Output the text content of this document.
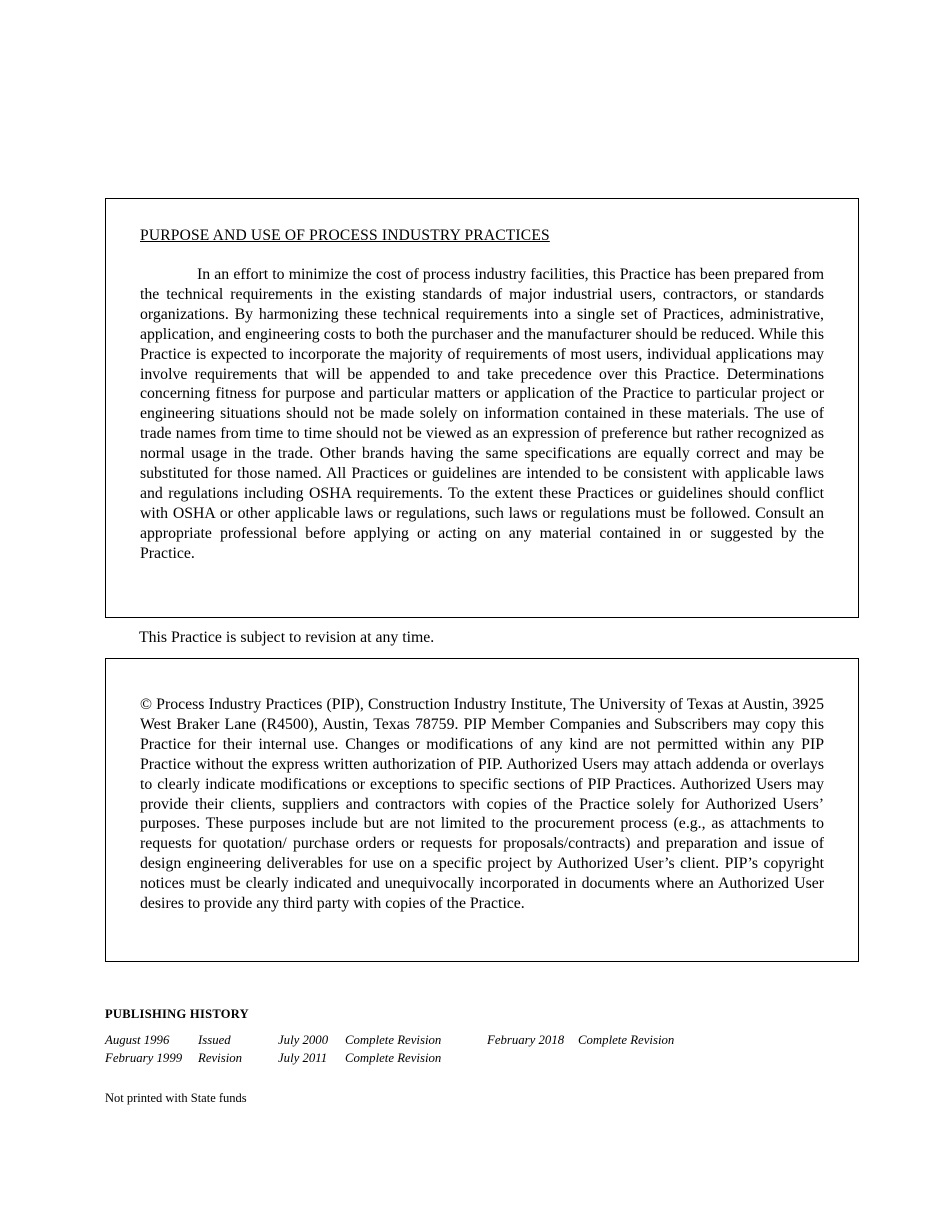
PURPOSE AND USE OF PROCESS INDUSTRY PRACTICES

In an effort to minimize the cost of process industry facilities, this Practice has been prepared from the technical requirements in the existing standards of major industrial users, contractors, or standards organizations. By harmonizing these technical requirements into a single set of Practices, administrative, application, and engineering costs to both the purchaser and the manufacturer should be reduced. While this Practice is expected to incorporate the majority of requirements of most users, individual applications may involve requirements that will be appended to and take precedence over this Practice. Determinations concerning fitness for purpose and particular matters or application of the Practice to particular project or engineering situations should not be made solely on information contained in these materials. The use of trade names from time to time should not be viewed as an expression of preference but rather recognized as normal usage in the trade. Other brands having the same specifications are equally correct and may be substituted for those named. All Practices or guidelines are intended to be consistent with applicable laws and regulations including OSHA requirements. To the extent these Practices or guidelines should conflict with OSHA or other applicable laws or regulations, such laws or regulations must be followed. Consult an appropriate professional before applying or acting on any material contained in or suggested by the Practice.

This Practice is subject to revision at any time.

© Process Industry Practices (PIP), Construction Industry Institute, The University of Texas at Austin, 3925 West Braker Lane (R4500), Austin, Texas 78759. PIP Member Companies and Subscribers may copy this Practice for their internal use. Changes or modifications of any kind are not permitted within any PIP Practice without the express written authorization of PIP. Authorized Users may attach addenda or overlays to clearly indicate modifications or exceptions to specific sections of PIP Practices. Authorized Users may provide their clients, suppliers and contractors with copies of the Practice solely for Authorized Users’ purposes. These purposes include but are not limited to the procurement process (e.g., as attachments to requests for quotation/ purchase orders or requests for proposals/contracts) and preparation and issue of design engineering deliverables for use on a specific project by Authorized User’s client. PIP’s copyright notices must be clearly indicated and unequivocally incorporated in documents where an Authorized User desires to provide any third party with copies of the Practice.

PUBLISHING HISTORY
August 1996	Issued	July 2000	Complete Revision	February 2018	Complete Revision
February 1999	Revision	July 2011	Complete Revision
Not printed with State funds
